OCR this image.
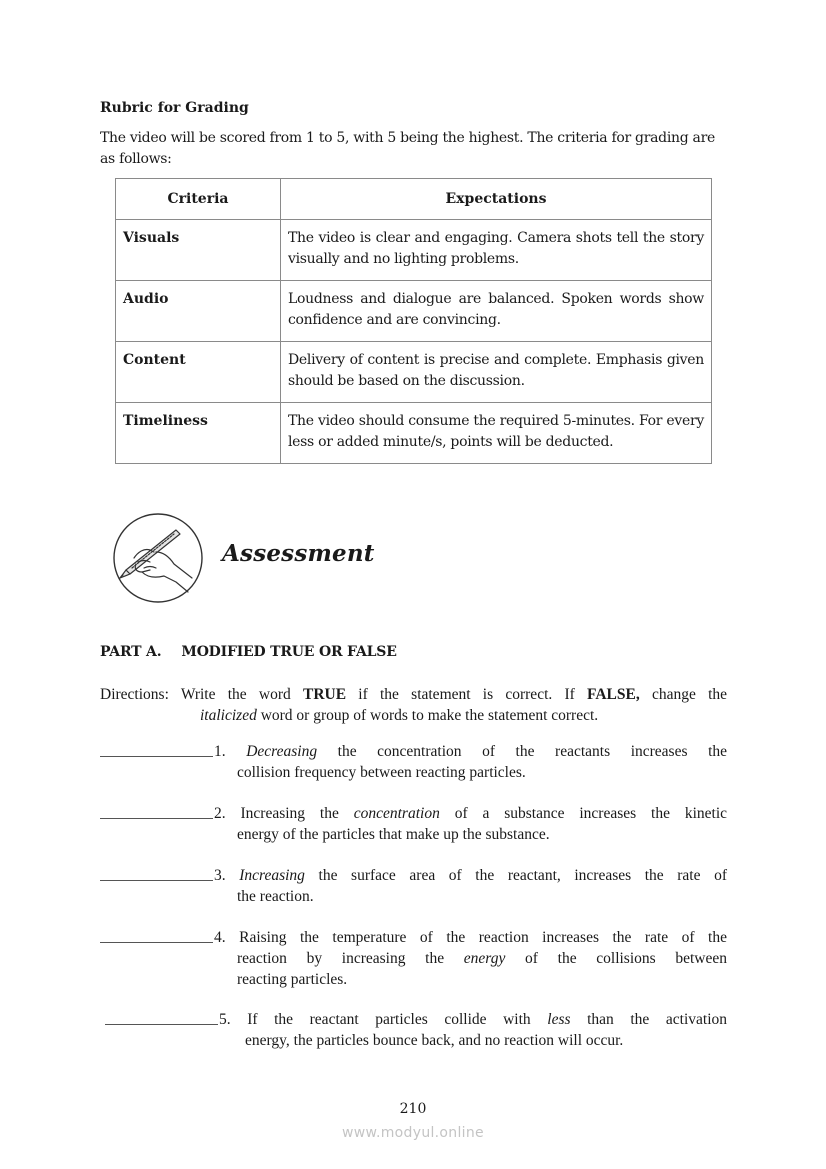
Rubric for Grading
The video will be scored from 1 to 5, with 5 being the highest. The criteria for grading are as follows:
Criteria	Expectations
Visuals	The video is clear and engaging. Camera shots tell the story visually and no lighting problems.
Audio	Loudness and dialogue are balanced. Spoken words show confidence and are convincing.
Content	Delivery of content is precise and complete. Emphasis given should be based on the discussion.
Timeliness	The video should consume the required 5-minutes. For every less or added minute/s, points will be deducted.
Assessment
PART A. MODIFIED TRUE OR FALSE
Directions: Write the word TRUE if the statement is correct. If FALSE, change the
italicized word or group of words to make the statement correct.
1. Decreasing the concentration of the reactants increases the
collision frequency between reacting particles.
2. Increasing the concentration of a substance increases the kinetic
energy of the particles that make up the substance.
3. Increasing the surface area of the reactant, increases the rate of
the reaction.
4. Raising the temperature of the reaction increases the rate of the
reaction by increasing the energy of the collisions between
reacting particles.
5. If the reactant particles collide with less than the activation
energy, the particles bounce back, and no reaction will occur.
210
www.modyul.online
